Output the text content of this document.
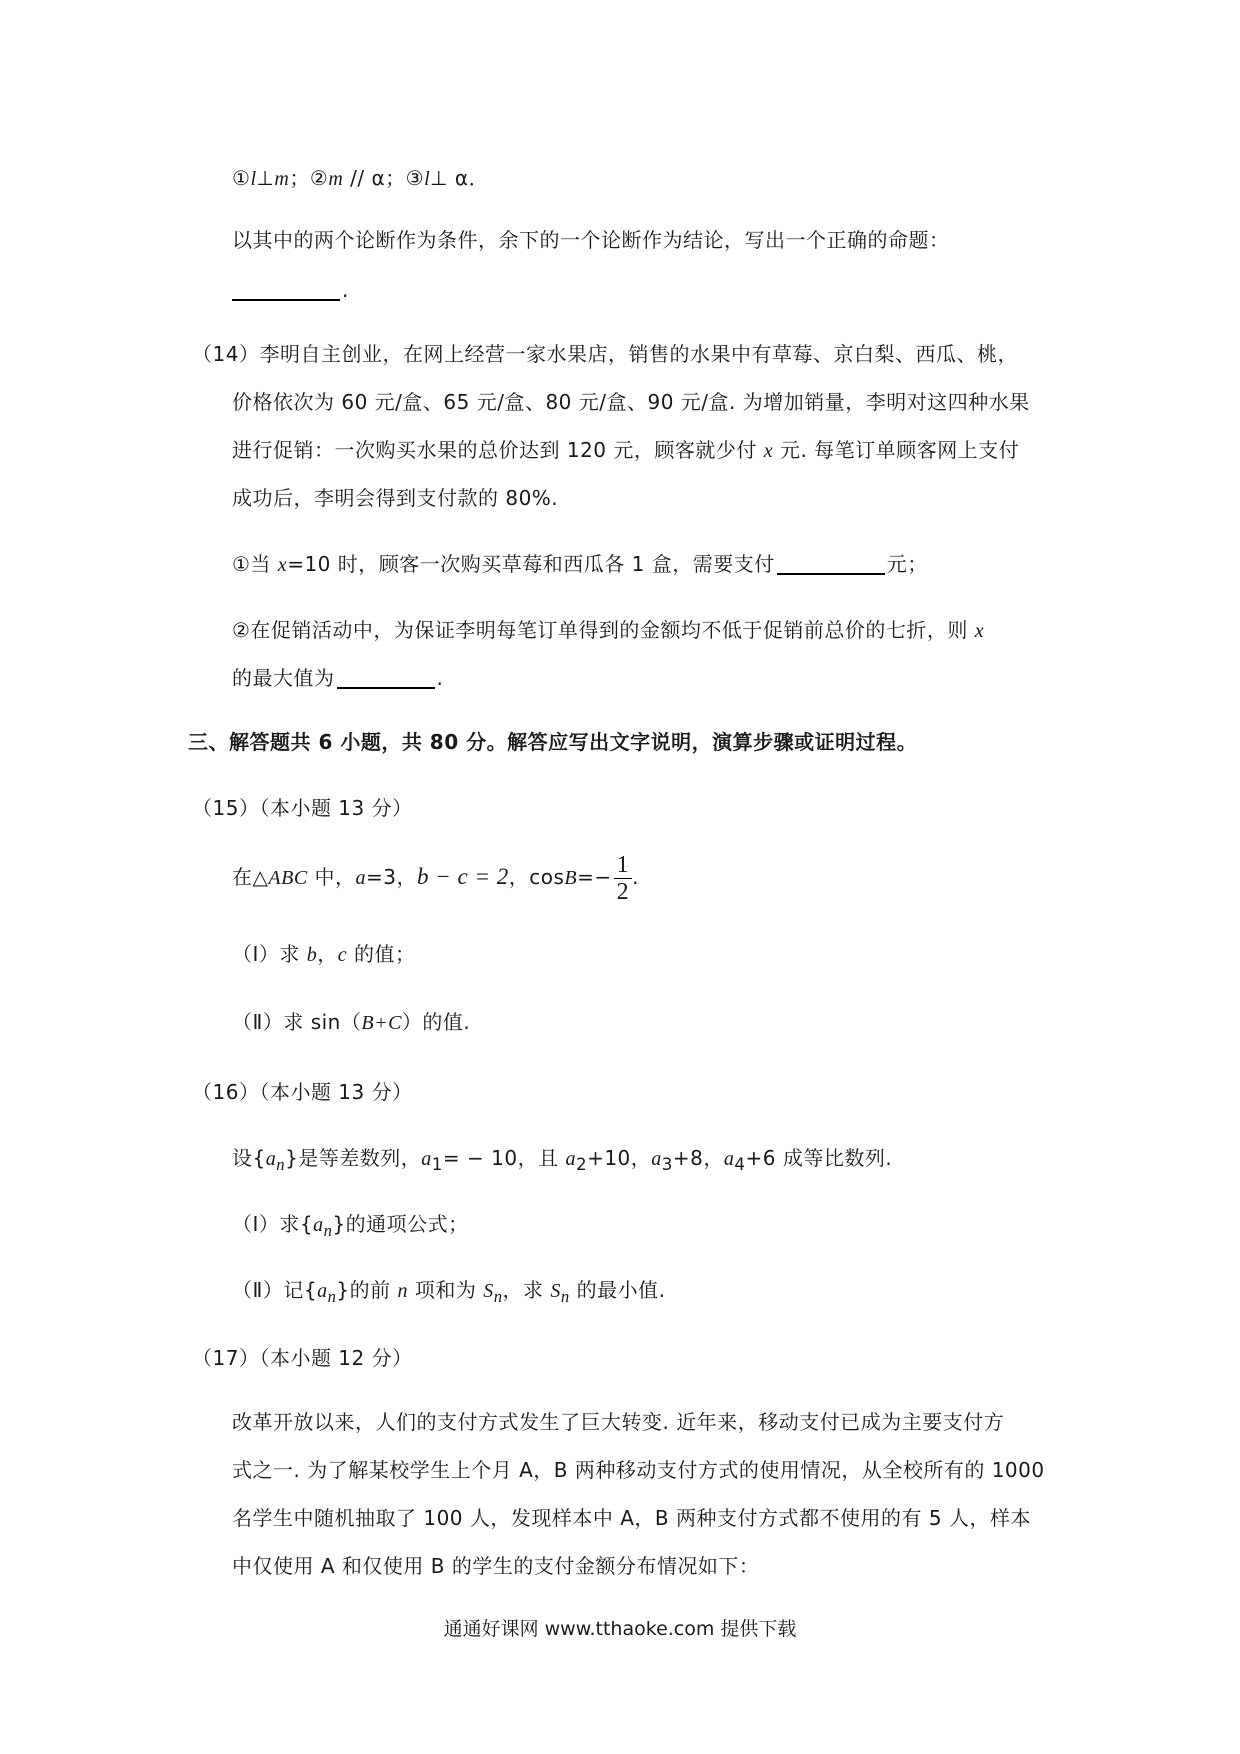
①l⊥m；②m // α；③l⊥ α．
以其中的两个论断作为条件，余下的一个论断作为结论，写出一个正确的命题：
.
（14）李明自主创业，在网上经营一家水果店，销售的水果中有草莓、京白梨、西瓜、桃，
价格依次为 60 元/盒、65 元/盒、80 元/盒、90 元/盒. 为增加销量，李明对这四种水果
进行促销：一次购买水果的总价达到 120 元，顾客就少付 x 元. 每笔订单顾客网上支付
成功后，李明会得到支付款的 80%.
①当 x=10 时，顾客一次购买草莓和西瓜各 1 盒，需要支付	元；
②在促销活动中，为保证李明每笔订单得到的金额均不低于促销前总价的七折，则 x
的最大值为	.
三、解答题共 6 小题，共 80 分。解答应写出文字说明，演算步骤或证明过程。
（15）（本小题 13 分）
在△ABC 中，a=3，b − c = 2，$\cos B=- \frac{1}{2}$ .
（Ⅰ）求 b，c 的值；
（Ⅱ）求 sin（B+C）的值.
（16）（本小题 13 分）
设$\{a_n\}$是等差数列，$a_1= - 10$，且 $a_2+10$，$a_3+8$，$a_4+6$ 成等比数列.
（Ⅰ）求$\{a_n\}$的通项公式；
（Ⅱ）记$\{a_n\}$的前 n 项和为 $S_n$，求 $S_n$ 的最小值.
（17）（本小题 12 分）
改革开放以来，人们的支付方式发生了巨大转变. 近年来，移动支付已成为主要支付方
式之一. 为了解某校学生上个月 A，B 两种移动支付方式的使用情况，从全校所有的 1000
名学生中随机抽取了 100 人，发现样本中 A，B 两种支付方式都不使用的有 5 人，样本
中仅使用 A 和仅使用 B 的学生的支付金额分布情况如下：
通通好课网 www.tthaoke.com 提供下载
